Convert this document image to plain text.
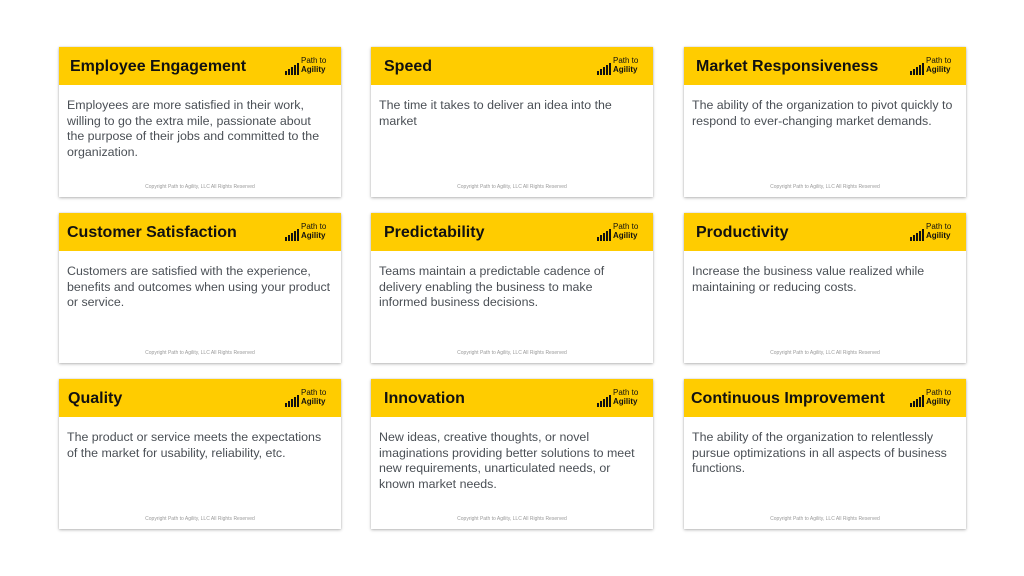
Employee Engagement	Path to
Agility
Employees are more satisfied in their work, willing to go the extra mile, passionate about the purpose of their jobs and committed to the organization.
Copyright Path to Agility, LLC All Rights Reserved
Speed	Path to
Agility
The time it takes to deliver an idea into the market
Copyright Path to Agility, LLC All Rights Reserved
Market Responsiveness	Path to
Agility
The ability of the organization to pivot quickly to respond to ever-changing market demands.
Copyright Path to Agility, LLC All Rights Reserved
Customer Satisfaction	Path to
Agility
Customers are satisfied with the experience, benefits and outcomes when using your product or service.
Copyright Path to Agility, LLC All Rights Reserved
Predictability	Path to
Agility
Teams maintain a predictable cadence of delivery enabling the business to make informed business decisions.
Copyright Path to Agility, LLC All Rights Reserved
Productivity	Path to
Agility
Increase the business value realized while maintaining or reducing costs.
Copyright Path to Agility, LLC All Rights Reserved
Quality	Path to
Agility
The product or service meets the expectations of the market for usability, reliability, etc.
Copyright Path to Agility, LLC All Rights Reserved
Innovation	Path to
Agility
New ideas, creative thoughts, or novel imaginations providing better solutions to meet new requirements, unarticulated needs, or known market needs.
Copyright Path to Agility, LLC All Rights Reserved
Continuous Improvement	Path to
Agility
The ability of the organization to relentlessly pursue optimizations in all aspects of business functions.
Copyright Path to Agility, LLC All Rights Reserved
